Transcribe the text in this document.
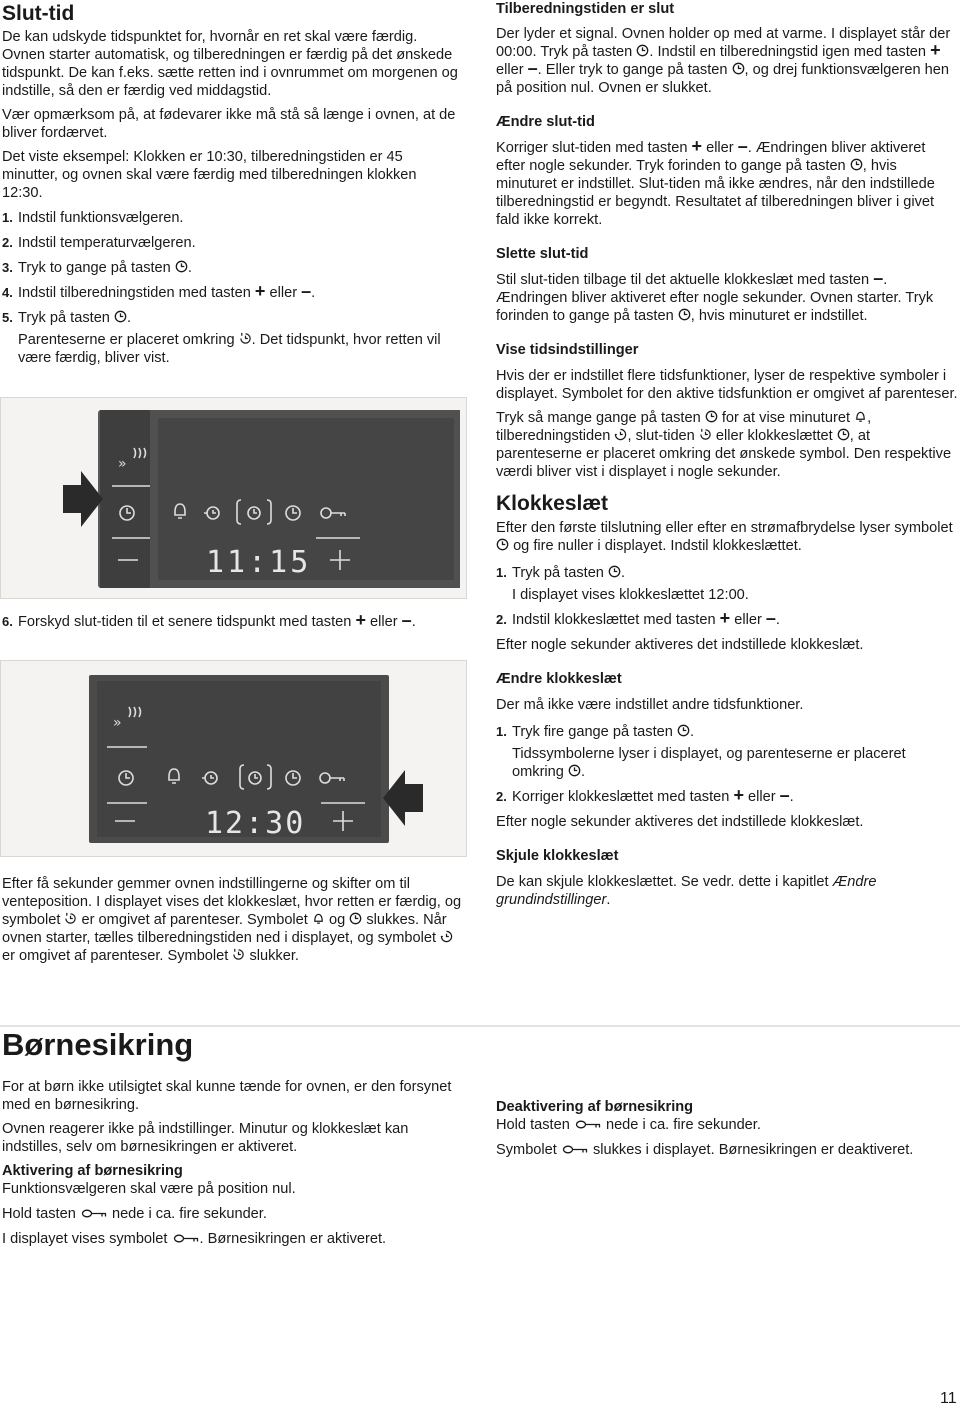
Slut-tid

De kan udskyde tidspunktet for, hvornår en ret skal være færdig. Ovnen starter automatisk, og tilberedningen er færdig på det ønskede tidspunkt. De kan f.eks. sætte retten ind i ovnrummet om morgenen og indstille, så den er færdig ved middagstid.

Vær opmærksom på, at fødevarer ikke må stå så længe i ovnen, at de bliver fordærvet.

Det viste eksempel: Klokken er 10:30, tilberedningstiden er 45 minutter, og ovnen skal være færdig med tilberedningen klokken 12:30.

1. Indstil funktionsvælgeren.
2. Indstil temperaturvælgeren.
3. Tryk to gange på tasten .
4. Indstil tilberedningstiden med tasten + eller –.
5. Tryk på tasten .
Parenteserne er placeret omkring . Det tidspunkt, hvor retten vil være færdig, bliver vist.
»
11:15
6. Forskyd slut-tiden til et senere tidspunkt med tasten + eller –.
»
12:30

Efter få sekunder gemmer ovnen indstillingerne og skifter om til venteposition. I displayet vises det klokkeslæt, hvor retten er færdig, og symbolet er omgivet af parenteser. Symbolet og slukkes. Når ovnen starter, tælles tilberedningstiden ned i displayet, og symbolet
er omgivet af parenteser. Symbolet slukker.

Tilberedningstiden er slut

Der lyder et signal. Ovnen holder op med at varme. I displayet står der 00:00. Tryk på tasten . Indstil en tilberedningstid igen med tasten + eller –. Eller tryk to gange på tasten , og drej funktionsvælgeren hen på position nul. Ovnen er slukket.

Ændre slut-tid

Korriger slut-tiden med tasten + eller –. Ændringen bliver aktiveret efter nogle sekunder. Tryk forinden to gange på tasten , hvis minuturet er indstillet. Slut-tiden må ikke ændres, når den indstillede tilberedningstid er begyndt. Resultatet af tilberedningen bliver i givet fald ikke korrekt.

Slette slut-tid

Stil slut-tiden tilbage til det aktuelle klokkeslæt med tasten –. Ændringen bliver aktiveret efter nogle sekunder. Ovnen starter. Tryk forinden to gange på tasten , hvis minuturet er indstillet.

Vise tidsindstillinger

Hvis der er indstillet flere tidsfunktioner, lyser de respektive symboler i displayet. Symbolet for den aktive tidsfunktion er omgivet af parenteser.

Tryk så mange gange på tasten for at vise minuturet , tilberedningstiden , slut-tiden eller klokkeslættet , at parenteserne er placeret omkring det ønskede symbol. Den respektive værdi bliver vist i displayet i nogle sekunder.

Klokkeslæt

Efter den første tilslutning eller efter en strømafbrydelse lyser symbolet
og fire nuller i displayet. Indstil klokkeslættet.

1. Tryk på tasten .
I displayet vises klokkeslættet 12:00.
2. Indstil klokkeslættet med tasten + eller –.

Efter nogle sekunder aktiveres det indstillede klokkeslæt.

Ændre klokkeslæt

Der må ikke være indstillet andre tidsfunktioner.

1. Tryk fire gange på tasten .
Tidssymbolerne lyser i displayet, og parenteserne er placeret omkring .
2. Korriger klokkeslættet med tasten + eller –.

Efter nogle sekunder aktiveres det indstillede klokkeslæt.

Skjule klokkeslæt

De kan skjule klokkeslættet. Se vedr. dette i kapitlet Ændre grundindstillinger.

Børnesikring

For at børn ikke utilsigtet skal kunne tænde for ovnen, er den forsynet med en børnesikring.

Ovnen reagerer ikke på indstillinger. Minutur og klokkeslæt kan indstilles, selv om børnesikringen er aktiveret.

Aktivering af børnesikring

Funktionsvælgeren skal være på position nul.

Hold tasten nede i ca. fire sekunder.

I displayet vises symbolet . Børnesikringen er aktiveret.

Deaktivering af børnesikring

Hold tasten nede i ca. fire sekunder.

Symbolet slukkes i displayet. Børnesikringen er deaktiveret.

11
